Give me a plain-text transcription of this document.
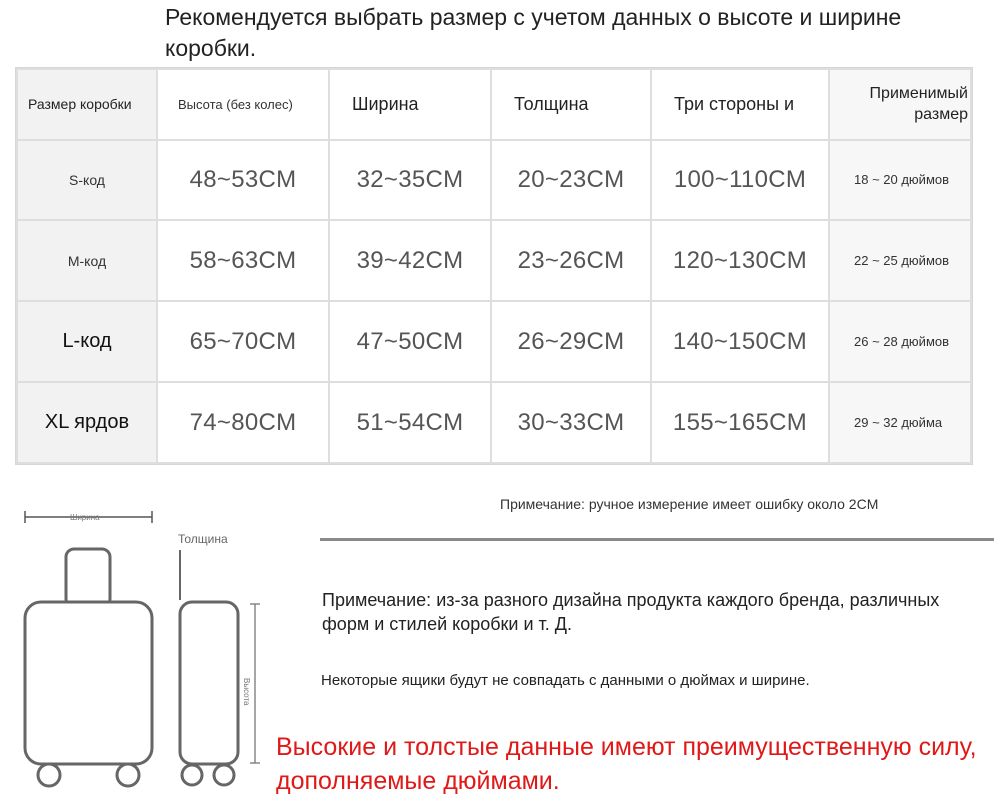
Рекомендуется выбрать размер с учетом данных о высоте и ширине коробки.
Размер коробки	Высота (без колес)	Ширина	Толщина	Три стороны и	Применимый размер
S-код	48~53CM	32~35CM	20~23CM	100~110CM	18 ~ 20 дюймов
M-код	58~63CM	39~42CM	23~26CM	120~130CM	22 ~ 25 дюймов
L-код	65~70CM	47~50CM	26~29CM	140~150CM	26 ~ 28 дюймов
XL ярдов	74~80CM	51~54CM	30~33CM	155~165CM	29 ~ 32 дюйма
Ширина
Толщина
Высота
Примечание: ручное измерение имеет ошибку около 2CM
Примечание: из-за разного дизайна продукта каждого бренда, различных форм и стилей коробки и т. Д.
Некоторые ящики будут не совпадать с данными о дюймах и ширине.
Высокие и толстые данные имеют преимущественную силу, дополняемые дюймами.
